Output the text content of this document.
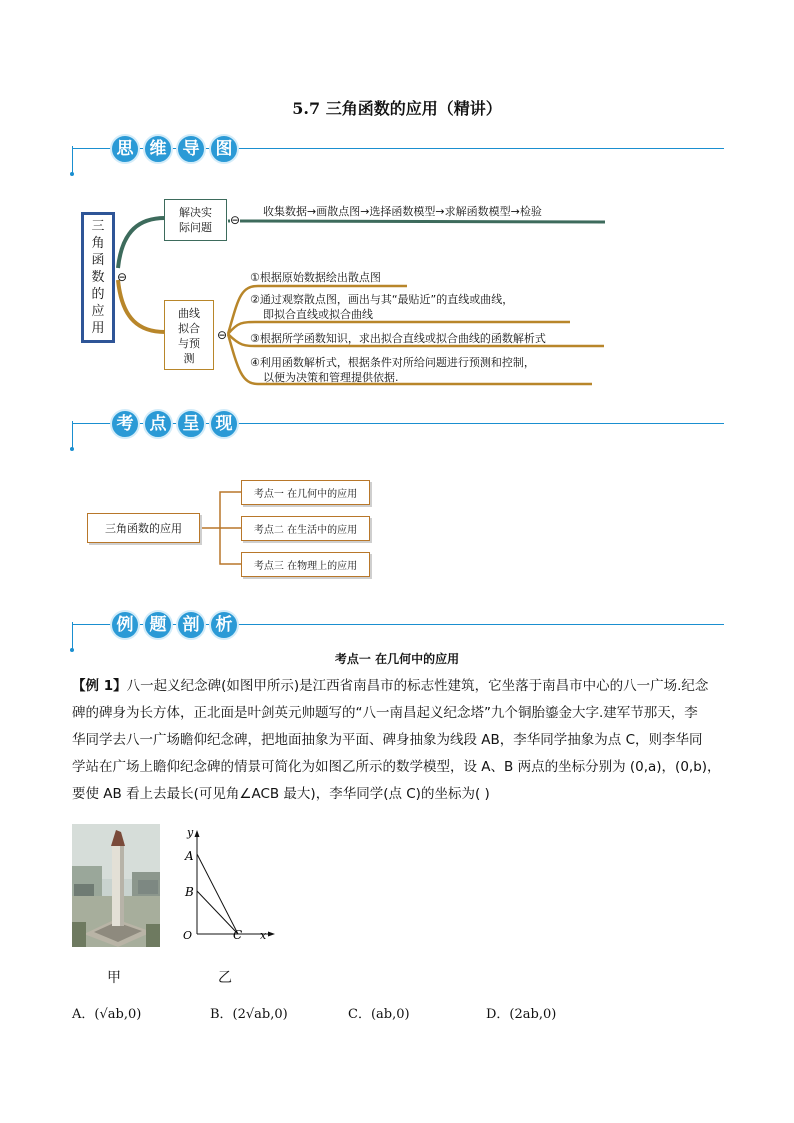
5.7 三角函数的应用（精讲）
思 维 导 图
三
角
函
数
的
应
用
⊖
解决实
际问题
⊖
收集数据→画散点图→选择函数模型→求解函数模型→检验
曲线
拟合
与预
测
⊖
①根据原始数据绘出散点图
②通过观察散点图，画出与其“最贴近”的直线或曲线，
即拟合直线或拟合曲线
③根据所学函数知识，求出拟合直线或拟合曲线的函数解析式
④利用函数解析式，根据条件对所给问题进行预测和控制，
以便为决策和管理提供依据.
考 点 呈 现
三角函数的应用
考点一 在几何中的应用
考点二 在生活中的应用
考点三 在物理上的应用
例 题 剖 析
考点一 在几何中的应用
【例 1】八一起义纪念碑(如图甲所示)是江西省南昌市的标志性建筑，它坐落于南昌市中心的八一广场.纪念
碑的碑身为长方体，正北面是叶剑英元帅题写的“八一南昌起义纪念塔”九个铜胎鎏金大字.建军节那天，李
华同学去八一广场瞻仰纪念碑，把地面抽象为平面、碑身抽象为线段 AB，李华同学抽象为点 C，则李华同
学站在广场上瞻仰纪念碑的情景可简化为如图乙所示的数学模型，设 A、B 两点的坐标分别为 (0,a)，(0,b)，
要使 AB 看上去最长(可见角∠ACB 最大)，李华同学(点 C)的坐标为( )
y
A
B
O	C x
甲	乙
A．(√ab,0)	B．(2√ab,0)	C．(ab,0)	D．(2ab,0)
